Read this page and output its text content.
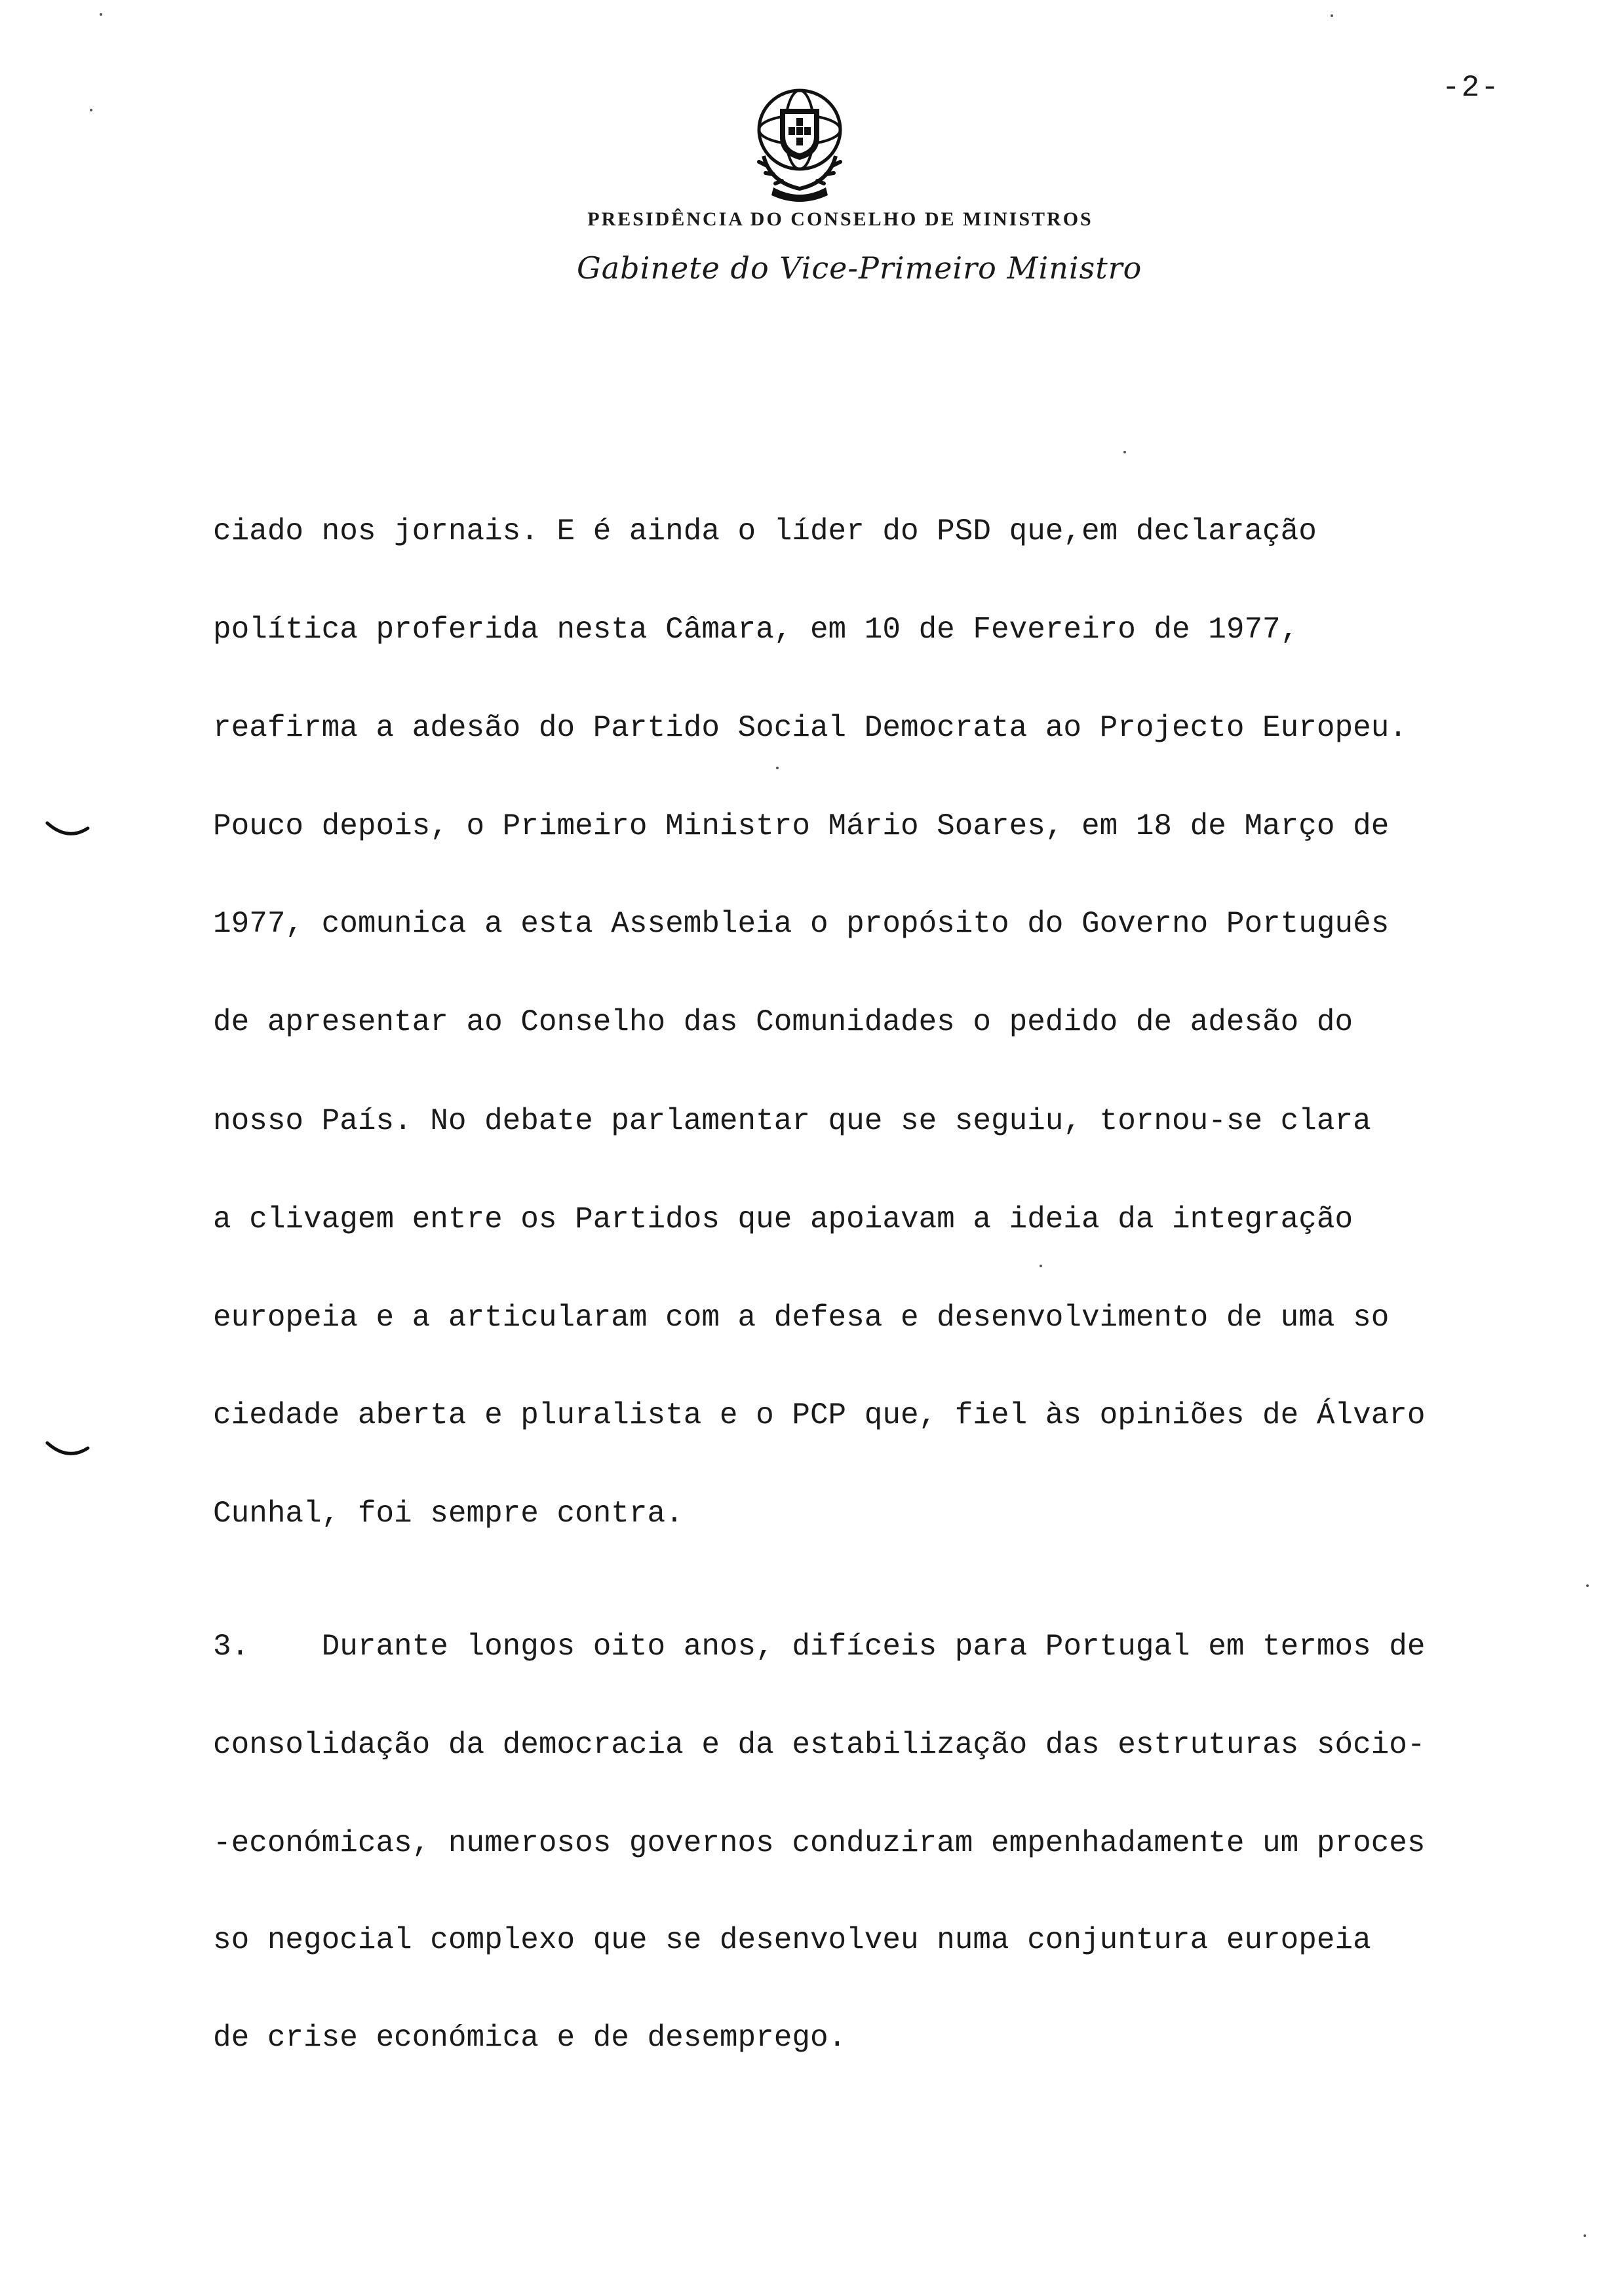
-2-
PRESIDÊNCIA DO CONSELHO DE MINISTROS
Gabinete do Vice-Primeiro Ministro
ciado nos jornais. E é ainda o líder do PSD que,em declaração
política proferida nesta Câmara, em 10 de Fevereiro de 1977,
reafirma a adesão do Partido Social Democrata ao Projecto Europeu.
Pouco depois, o Primeiro Ministro Mário Soares, em 18 de Março de
1977, comunica a esta Assembleia o propósito do Governo Português
de apresentar ao Conselho das Comunidades o pedido de adesão do
nosso País. No debate parlamentar que se seguiu, tornou-se clara
a clivagem entre os Partidos que apoiavam a ideia da integração
europeia e a articularam com a defesa e desenvolvimento de uma so
ciedade aberta e pluralista e o PCP que, fiel às opiniões de Álvaro
Cunhal, foi sempre contra.
3.    Durante longos oito anos, difíceis para Portugal em termos de
consolidação da democracia e da estabilização das estruturas sócio-
-económicas, numerosos governos conduziram empenhadamente um proces
so negocial complexo que se desenvolveu numa conjuntura europeia
de crise económica e de desemprego.
